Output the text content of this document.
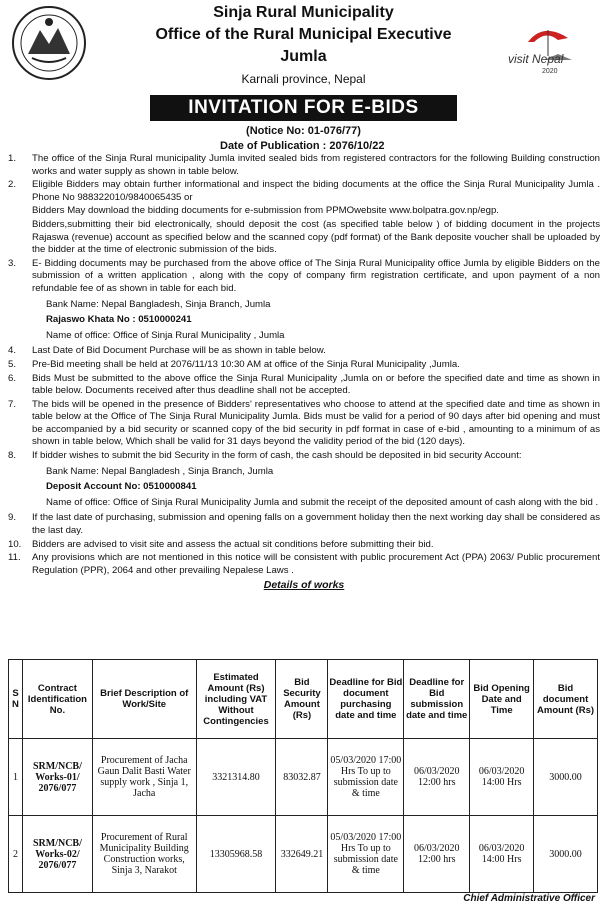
Sinja Rural Municipality
Office of the Rural Municipal Executive
Jumla
Karnali province, Nepal
visit Nepal
2020
INVITATION FOR E-BIDS
(Notice No: 01-076/77)
Date of Publication : 2076/10/22
1.	The office of the Sinja Rural municipality Jumla invited sealed bids from registered contractors for the following Building construction works and water supply as shown in table below.
2.	Eligible Bidders may obtain further informational and inspect the biding documents at the office the Sinja Rural Municipality Jumla . Phone No 988322010/9840065435 or
Bidders May download the bidding documents for e-submission from PPMOwebsite www.bolpatra.gov.np/egp.
Bidders,submitting their bid electronically, should deposit the cost (as specified table below ) of bidding document in the projects Rajaswa (revenue) account as specified below and the scanned copy (pdf format) of the Bank deposite voucher shall be uploaded by the bidder at the time of electronic submission of the bids.
3.	E- Bidding documents may be purchased from the above office of The Sinja Rural Municipality office Jumla by eligible Bidders on the submission of a written application , along with the copy of company firm registration certificate, and upon payment of a non refundable fee of as shown in table for each bid.
Bank Name: Nepal Bangladesh, Sinja Branch, Jumla
Rajaswo Khata No : 0510000241
Name of office: Office of Sinja Rural Municipality , Jumla
4.	Last Date of Bid Document Purchase will be as shown in table below.
5.	Pre-Bid meeting shall be held at 2076/11/13 10:30 AM at office of the Sinja Rural Municipality ,Jumla.
6.	Bids Must be submitted to the above office the Sinja Rural Municipality ,Jumla on or before the specified date and time as shown in table below. Documents received after thus deadline shall not be accepted.
7.	The bids will be opened in the presence of Bidders' representatives who choose to attend at the specified date and time as shown in table below at the Office of The Sinja Rural Municipality Jumla. Bids must be valid for a period of 90 days after bid opening and must be accompanied by a bid security or scanned copy of the bid security in pdf format in case of e-bid , amounting to a minimum of as shown in table below, Which shall be valid for 31 days beyond the validity period of the bid (120 days).
8.	If bidder wishes to submit the bid Security in the form of cash, the cash should be deposited in bid security Account:
Bank Name: Nepal Bangladesh , Sinja Branch, Jumla
Deposit Account No: 0510000841
Name of office: Office of Sinja Rural Municipality Jumla and submit the receipt of the deposited amount of cash along with the bid .
9.	If the last date of purchasing, submission and opening falls on a government holiday then the next working day shall be considered as the last day.
10.	Bidders are advised to visit site and assess the actual sit conditions before submitting their bid.
11.	Any provisions which are not mentioned in this notice will be consistent with public procurement Act (PPA) 2063/ Public procurement Regulation (PPR), 2064 and other prevailing Nepalese Laws .
Details of works
S N	Contract Identification No.	Brief Description of Work/Site	Estimated Amount (Rs) including VAT Without Contingencies	Bid Security Amount (Rs)	Deadline for Bid document purchasing date and time	Deadline for Bid submission date and time	Bid Opening Date and Time	Bid document Amount (Rs)
1	SRM/NCB/ Works-01/ 2076/077	Procurement of Jacha Gaun Dalit Basti Water supply work , Sinja 1, Jacha	3321314.80	83032.87	05/03/2020 17:00 Hrs To up to submission date & time	06/03/2020 12:00 hrs	06/03/2020 14:00 Hrs	3000.00
2	SRM/NCB/ Works-02/ 2076/077	Procurement of Rural Municipality Building Construction works, Sinja 3, Narakot	13305968.58	332649.21	05/03/2020 17:00 Hrs To up to submission date & time	06/03/2020 12:00 hrs	06/03/2020 14:00 Hrs	3000.00
Chief Administrative Officer
